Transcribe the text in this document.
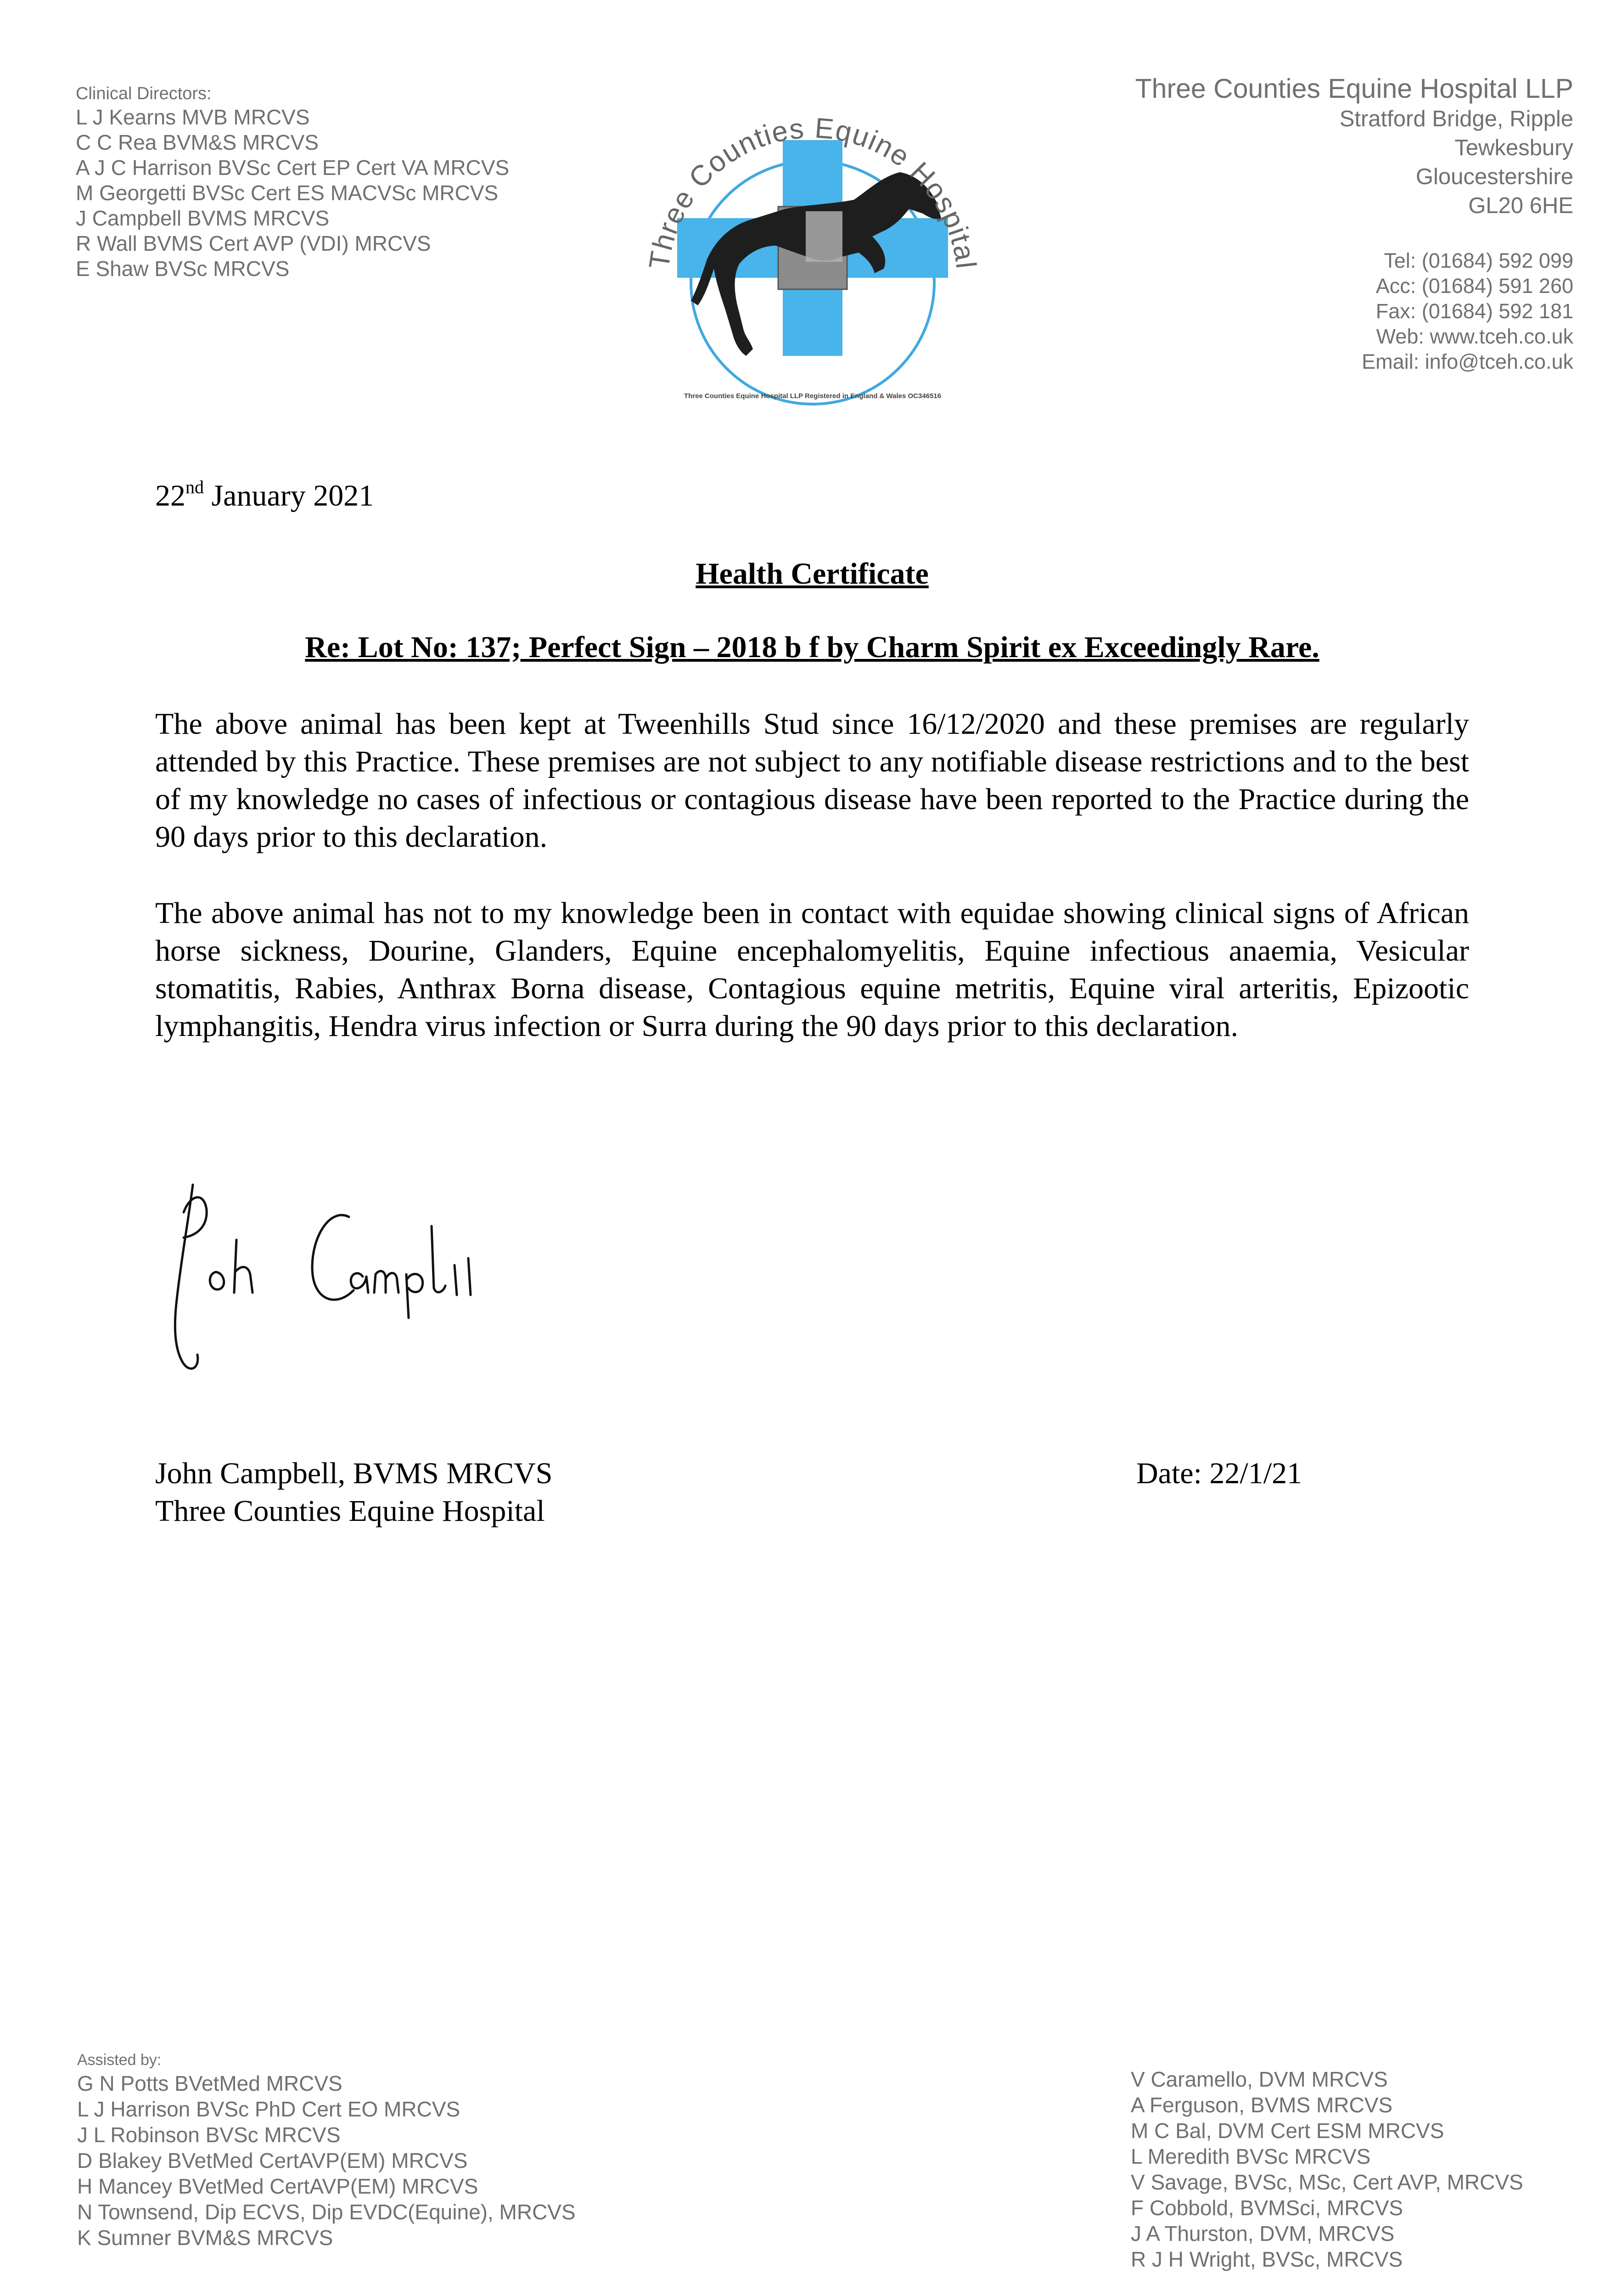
Clinical Directors:

L J Kearns MVB MRCVS

C C Rea BVM&S MRCVS

A J C Harrison BVSc Cert EP Cert VA MRCVS

M Georgetti BVSc Cert ES MACVSc MRCVS

J Campbell BVMS MRCVS

R Wall BVMS Cert AVP (VDI) MRCVS

E Shaw BVSc MRCVS	Three Counties Equine Hospital
Three Counties Equine Hospital LLP Registered in England & Wales OC346516

Three Counties Equine Hospital LLP

Stratford Bridge, Ripple

Tewkesbury

Gloucestershire

GL20 6HE

Tel: (01684) 592 099

Acc: (01684) 591 260

Fax: (01684) 592 181

Web: www.tceh.co.uk

Email: info@tceh.co.uk

22nd January 2021

Health Certificate

Re: Lot No: 137; Perfect Sign – 2018 b f by Charm Spirit ex Exceedingly Rare.

The above animal has been kept at Tweenhills Stud since 16/12/2020 and these premises are regularly attended by this Practice. These premises are not subject to any notifiable disease restrictions and to the best of my knowledge no cases of infectious or contagious disease have been reported to the Practice during the 90 days prior to this declaration.

The above animal has not to my knowledge been in contact with equidae showing clinical signs of African horse sickness, Dourine, Glanders, Equine encephalomyelitis, Equine infectious anaemia, Vesicular stomatitis, Rabies, Anthrax Borna disease, Contagious equine metritis, Equine viral arteritis, Epizootic lymphangitis, Hendra virus infection or Surra during the 90 days prior to this declaration.

John Campbell, BVMS MRCVS

Three Counties Equine Hospital

Date: 22/1/21

Assisted by:

G N Potts BVetMed MRCVS

L J Harrison BVSc PhD Cert EO MRCVS

J L Robinson BVSc MRCVS

D Blakey BVetMed CertAVP(EM) MRCVS

H Mancey BVetMed CertAVP(EM) MRCVS

N Townsend, Dip ECVS, Dip EVDC(Equine), MRCVS

K Sumner BVM&S MRCVS

V Caramello, DVM MRCVS

A Ferguson, BVMS MRCVS

M C Bal, DVM Cert ESM MRCVS

L Meredith BVSc MRCVS

V Savage, BVSc, MSc, Cert AVP, MRCVS

F Cobbold, BVMSci, MRCVS

J A Thurston, DVM, MRCVS

R J H Wright, BVSc, MRCVS
